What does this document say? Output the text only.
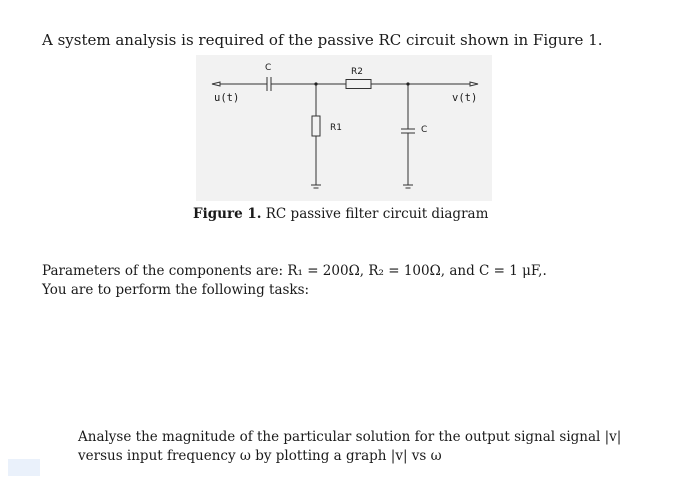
A system analysis is required of the passive RC circuit shown in Figure 1.
C	R2
R1	C
u(t)	v(t)
Figure 1. RC passive filter circuit diagram
Parameters of the components are: R₁ = 200Ω, R₂ = 100Ω, and C = 1 μF,.
You are to perform the following tasks:
Analyse the magnitude of the particular solution for the output signal signal |v|
versus input frequency ω by plotting a graph |v| vs ω
